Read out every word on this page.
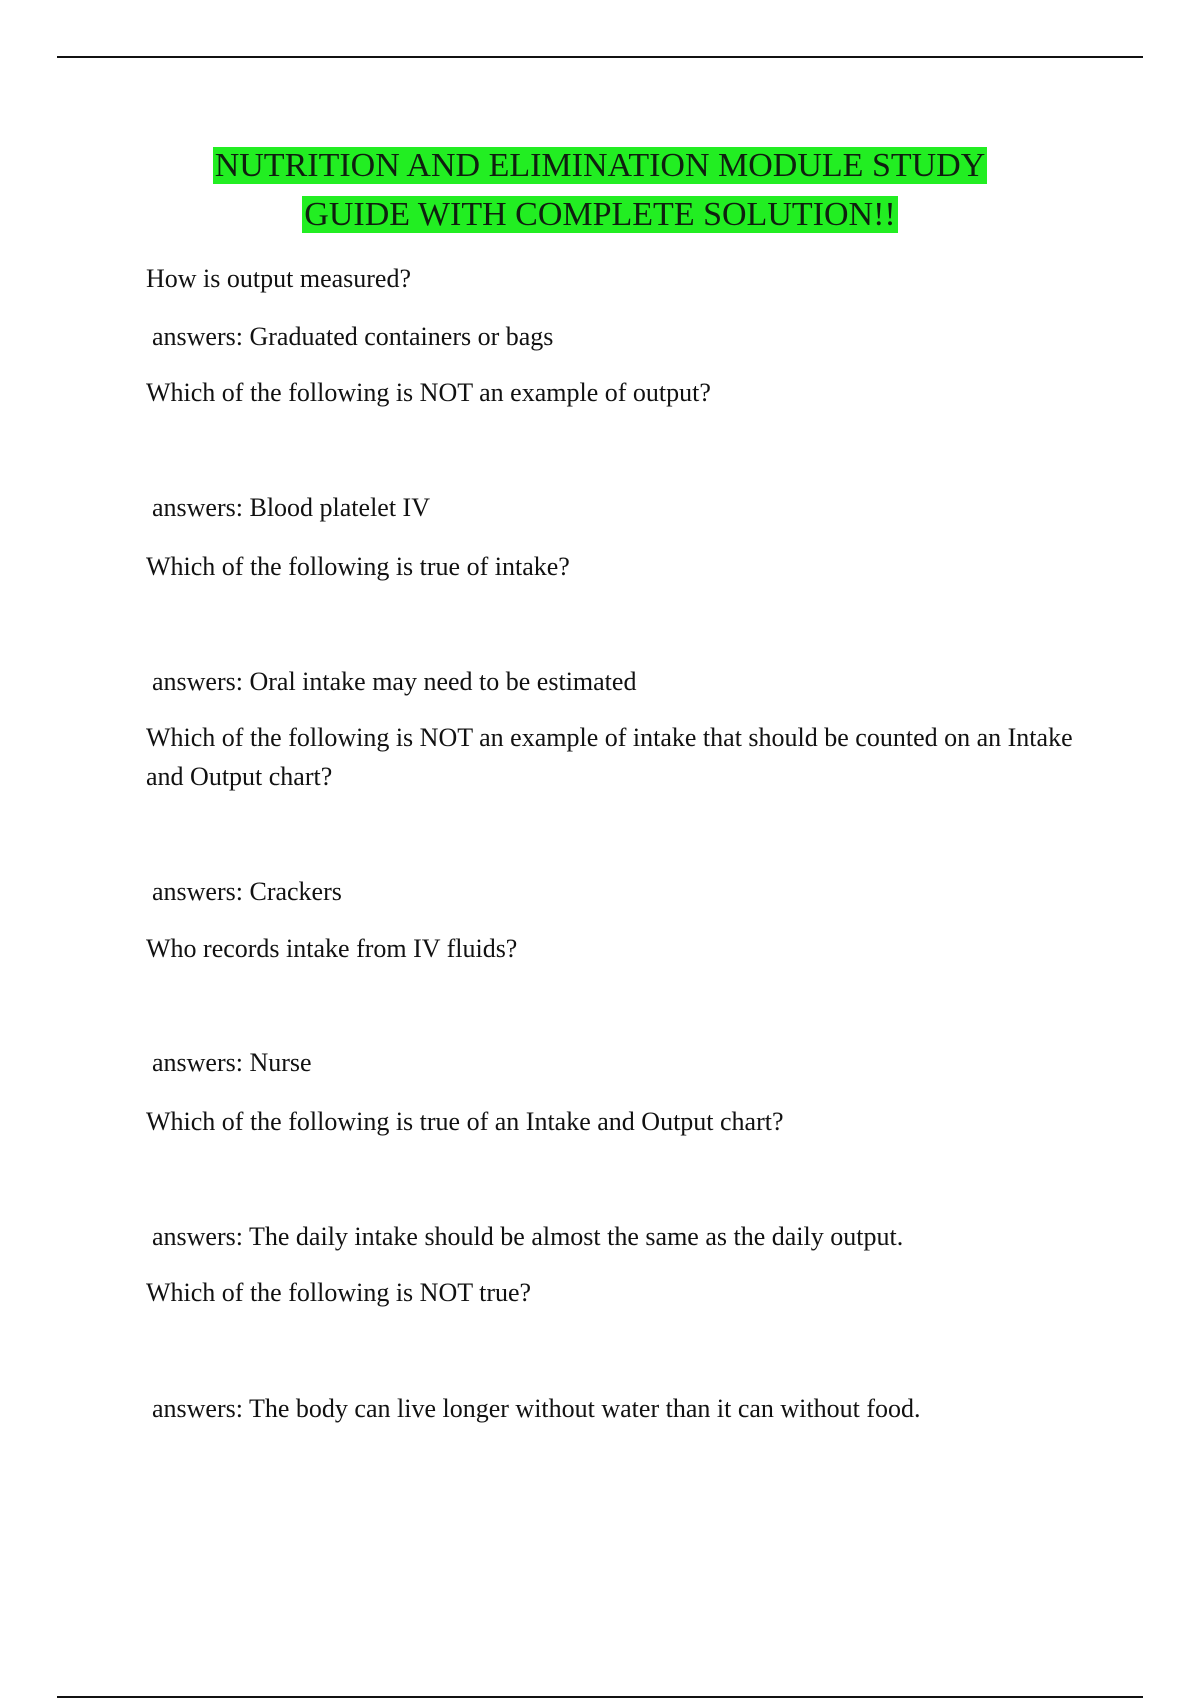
NUTRITION AND ELIMINATION MODULE STUDY
GUIDE WITH COMPLETE SOLUTION!!

How is output measured?

answers: Graduated containers or bags

Which of the following is NOT an example of output?

answers: Blood platelet IV

Which of the following is true of intake?

answers: Oral intake may need to be estimated

Which of the following is NOT an example of intake that should be counted on an Intake and Output chart?

answers: Crackers

Who records intake from IV fluids?

answers: Nurse

Which of the following is true of an Intake and Output chart?

answers: The daily intake should be almost the same as the daily output.

Which of the following is NOT true?

answers: The body can live longer without water than it can without food.
